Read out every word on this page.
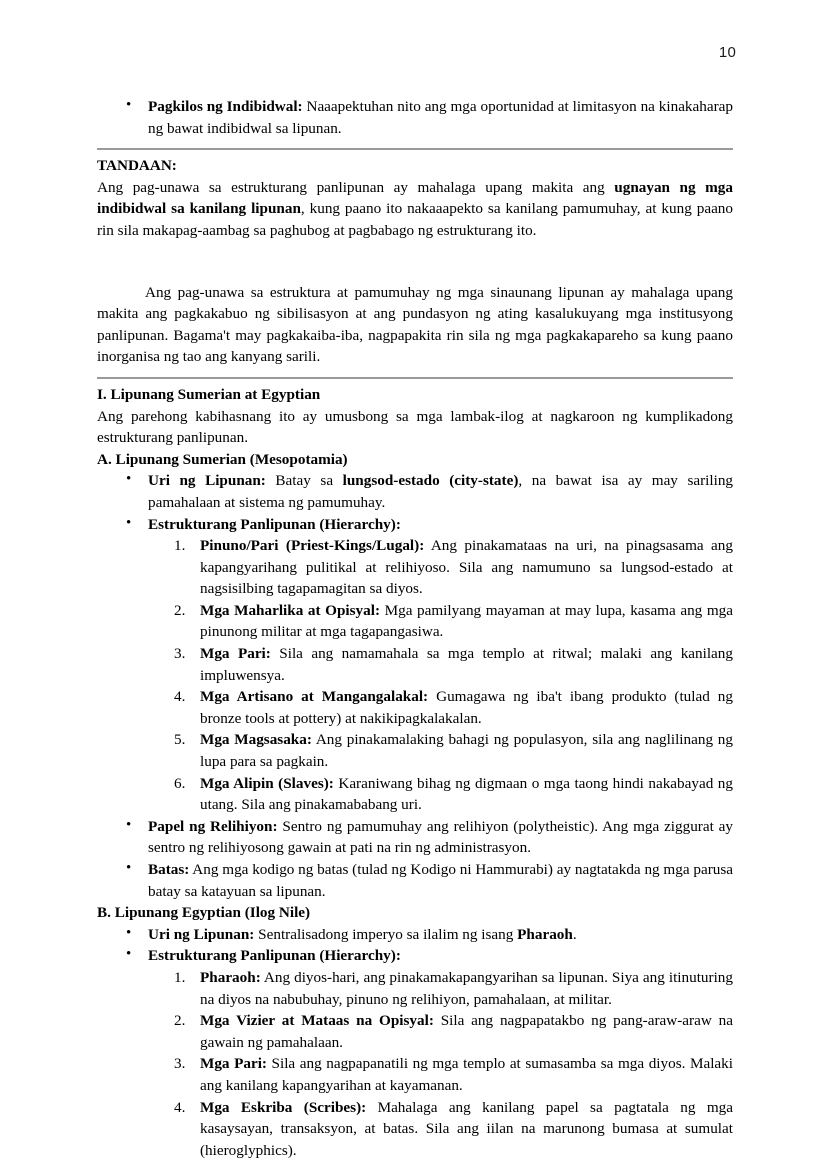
10
• Pagkilos ng Indibidwal: Naaapektuhan nito ang mga oportunidad at limitasyon na kinakaharap ng bawat indibidwal sa lipunan.
TANDAAN:

Ang pag-unawa sa estrukturang panlipunan ay mahalaga upang makita ang ugnayan ng mga indibidwal sa kanilang lipunan, kung paano ito nakaaapekto sa kanilang pamumuhay, at kung paano rin sila makapag-aambag sa paghubog at pagbabago ng estrukturang ito.

Ang pag-unawa sa estruktura at pamumuhay ng mga sinaunang lipunan ay mahalaga upang makita ang pagkakabuo ng sibilisasyon at ang pundasyon ng ating kasalukuyang mga institusyong panlipunan. Bagama't may pagkakaiba-iba, nagpapakita rin sila ng mga pagkakapareho sa kung paano inorganisa ng tao ang kanyang sarili.

I. Lipunang Sumerian at Egyptian

Ang parehong kabihasnang ito ay umusbong sa mga lambak-ilog at nagkaroon ng kumplikadong estrukturang panlipunan.

A. Lipunang Sumerian (Mesopotamia)
• Uri ng Lipunan: Batay sa lungsod-estado (city-state), na bawat isa ay may sariling pamahalaan at sistema ng pamumuhay.
• Estrukturang Panlipunan (Hierarchy):
Pinuno/Pari (Priest-Kings/Lugal): Ang pinakamataas na uri, na pinagsasama ang kapangyarihang pulitikal at relihiyoso. Sila ang namumuno sa lungsod-estado at nagsisilbing tagapamagitan sa diyos.
Mga Maharlika at Opisyal: Mga pamilyang mayaman at may lupa, kasama ang mga pinunong militar at mga tagapangasiwa.
Mga Pari: Sila ang namamahala sa mga templo at ritwal; malaki ang kanilang impluwensya.
Mga Artisano at Mangangalakal: Gumagawa ng iba't ibang produkto (tulad ng bronze tools at pottery) at nakikipagkalakalan.
Mga Magsasaka: Ang pinakamalaking bahagi ng populasyon, sila ang naglilinang ng lupa para sa pagkain.
Mga Alipin (Slaves): Karaniwang bihag ng digmaan o mga taong hindi nakabayad ng utang. Sila ang pinakamababang uri.
• Papel ng Relihiyon: Sentro ng pamumuhay ang relihiyon (polytheistic). Ang mga ziggurat ay sentro ng relihiyosong gawain at pati na rin ng administrasyon.
• Batas: Ang mga kodigo ng batas (tulad ng Kodigo ni Hammurabi) ay nagtatakda ng mga parusa batay sa katayuan sa lipunan.
B. Lipunang Egyptian (Ilog Nile)
• Uri ng Lipunan: Sentralisadong imperyo sa ilalim ng isang Pharaoh.
• Estrukturang Panlipunan (Hierarchy):
Pharaoh: Ang diyos-hari, ang pinakamakapangyarihan sa lipunan. Siya ang itinuturing na diyos na nabubuhay, pinuno ng relihiyon, pamahalaan, at militar.
Mga Vizier at Mataas na Opisyal: Sila ang nagpapatakbo ng pang-araw-araw na gawain ng pamahalaan.
Mga Pari: Sila ang nagpapanatili ng mga templo at sumasamba sa mga diyos. Malaki ang kanilang kapangyarihan at kayamanan.
Mga Eskriba (Scribes): Mahalaga ang kanilang papel sa pagtatala ng mga kasaysayan, transaksyon, at batas. Sila ang iilan na marunong bumasa at sumulat (hieroglyphics).
